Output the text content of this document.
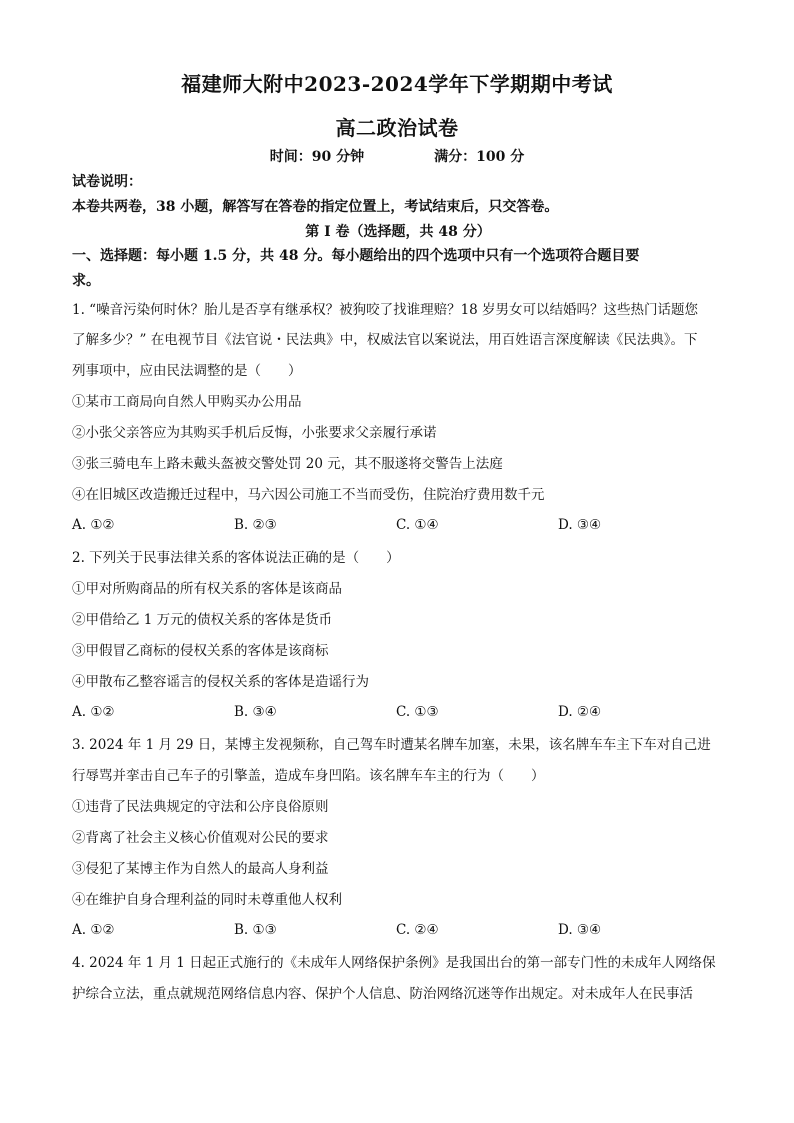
福建师大附中2023-2024学年下学期期中考试
高二政治试卷
时间：90 分钟	满分：100 分
试卷说明：
本卷共两卷，38 小题，解答写在答卷的指定位置上，考试结束后，只交答卷。
第 I 卷（选择题，共 48 分）
一、选择题：每小题 1.5 分，共 48 分。每小题给出的四个选项中只有一个选项符合题目要
求。
1. “噪音污染何时休？胎儿是否享有继承权？被狗咬了找谁理赔？18 岁男女可以结婚吗？这些热门话题您
了解多少？” 在电视节目《法官说・民法典》中，权威法官以案说法，用百姓语言深度解读《民法典》。下
列事项中，应由民法调整的是（　　）
①某市工商局向自然人甲购买办公用品
②小张父亲答应为其购买手机后反悔，小张要求父亲履行承诺
③张三骑电车上路未戴头盔被交警处罚 20 元，其不服遂将交警告上法庭
④在旧城区改造搬迁过程中，马六因公司施工不当而受伤，住院治疗费用数千元
A. ①②	B. ②③	C. ①④	D. ③④
2. 下列关于民事法律关系的客体说法正确的是（　　）
①甲对所购商品的所有权关系的客体是该商品
②甲借给乙 1 万元的债权关系的客体是货币
③甲假冒乙商标的侵权关系的客体是该商标
④甲散布乙整容谣言的侵权关系的客体是造谣行为
A. ①②	B. ③④	C. ①③	D. ②④
3. 2024 年 1 月 29 日，某博主发视频称，自己驾车时遭某名牌车加塞，未果，该名牌车车主下车对自己进
行辱骂并挛击自己车子的引擎盖，造成车身凹陷。该名牌车车主的行为（　　）
①违背了民法典规定的守法和公序良俗原则
②背离了社会主义核心价值观对公民的要求
③侵犯了某博主作为自然人的最高人身利益
④在维护自身合理利益的同时未尊重他人权利
A. ①②	B. ①③	C. ②④	D. ③④
4. 2024 年 1 月 1 日起正式施行的《未成年人网络保护条例》是我国出台的第一部专门性的未成年人网络保
护综合立法，重点就规范网络信息内容、保护个人信息、防治网络沉迷等作出规定。对未成年人在民事活
